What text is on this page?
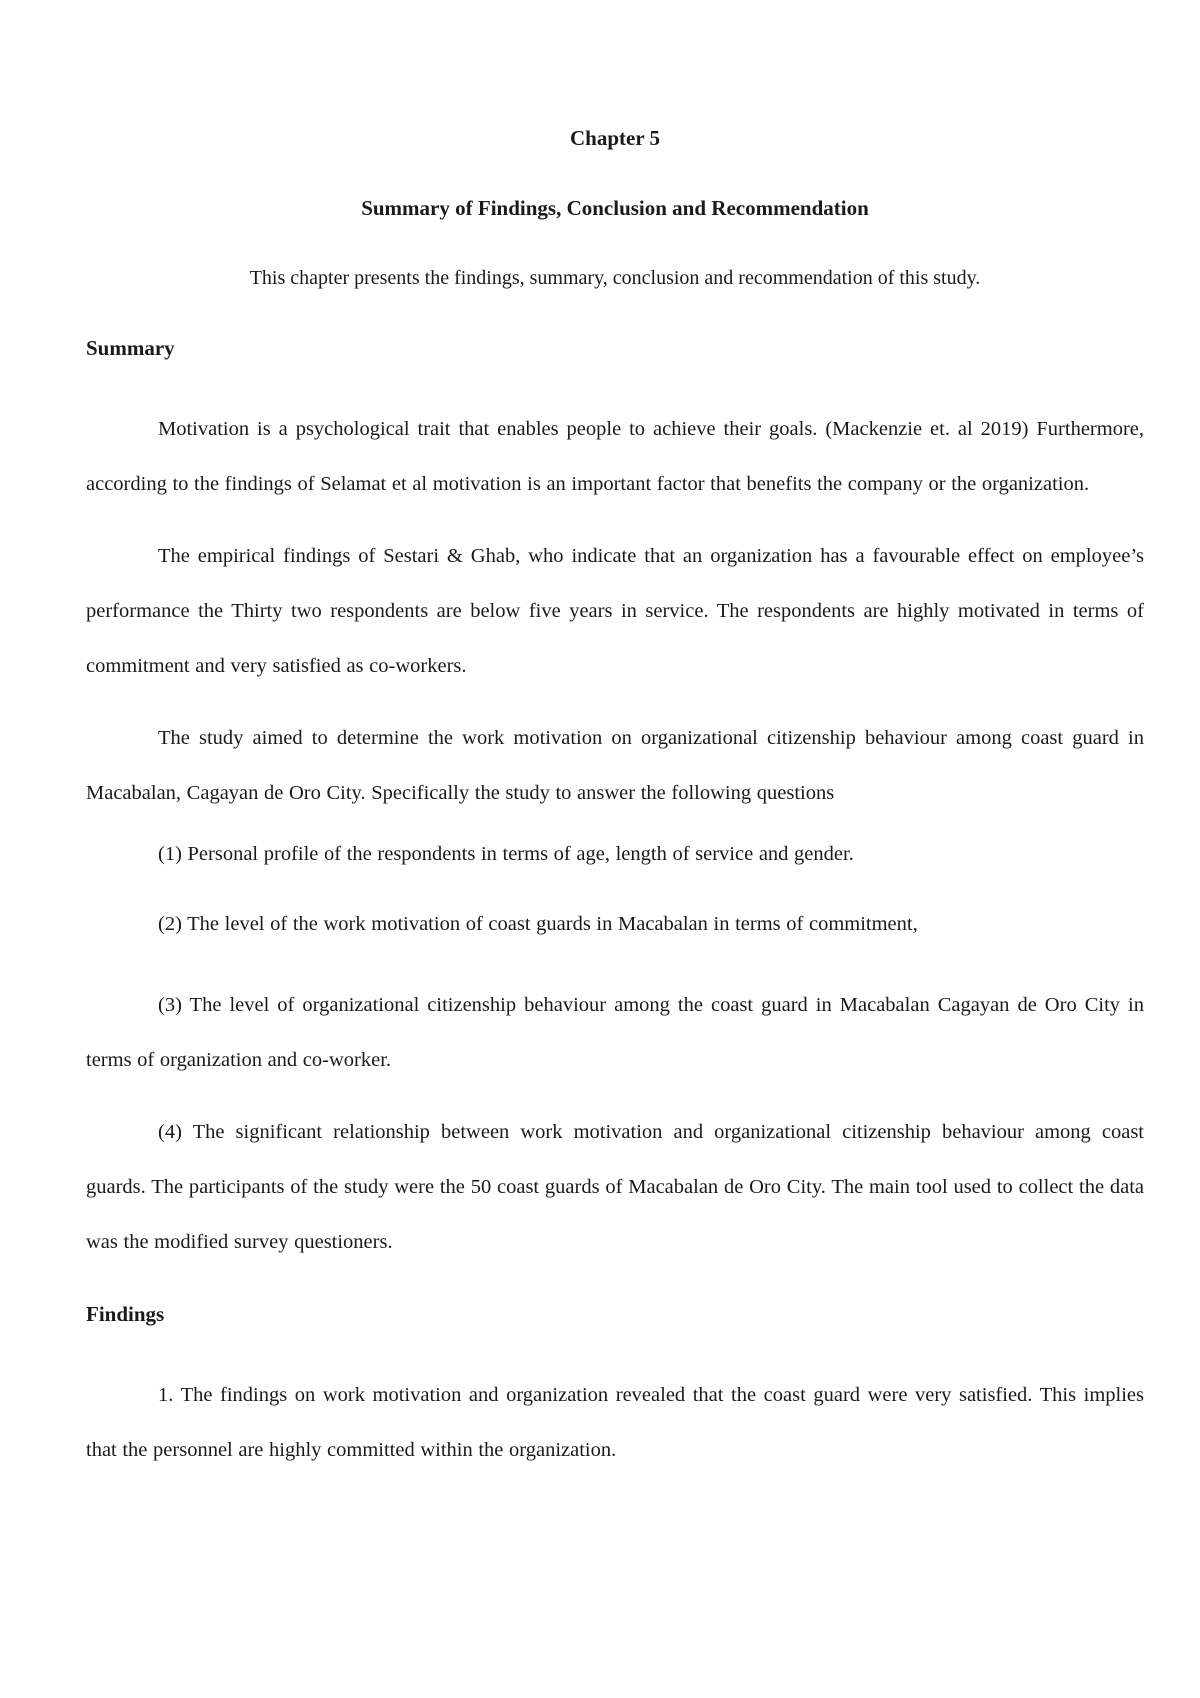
Chapter 5
Summary of Findings, Conclusion and Recommendation
This chapter presents the findings, summary, conclusion and recommendation of this study.
Summary

Motivation is a psychological trait that enables people to achieve their goals. (Mackenzie et. al 2019) Furthermore, according to the findings of Selamat et al motivation is an important factor that benefits the company or the organization.

The empirical findings of Sestari & Ghab, who indicate that an organization has a favourable effect on employee’s performance the Thirty two respondents are below five years in service. The respondents are highly motivated in terms of commitment and very satisfied as co-workers.

The study aimed to determine the work motivation on organizational citizenship behaviour among coast guard in Macabalan, Cagayan de Oro City. Specifically the study to answer the following questions

(1) Personal profile of the respondents in terms of age, length of service and gender.

(2) The level of the work motivation of coast guards in Macabalan in terms of commitment,

(3) The level of organizational citizenship behaviour among the coast guard in Macabalan Cagayan de Oro City in terms of organization and co-worker.

(4) The significant relationship between work motivation and organizational citizenship behaviour among coast guards. The participants of the study were the 50 coast guards of Macabalan de Oro City. The main tool used to collect the data was the modified survey questioners.

Findings

1. The findings on work motivation and organization revealed that the coast guard were very satisfied. This implies that the personnel are highly committed within the organization.
